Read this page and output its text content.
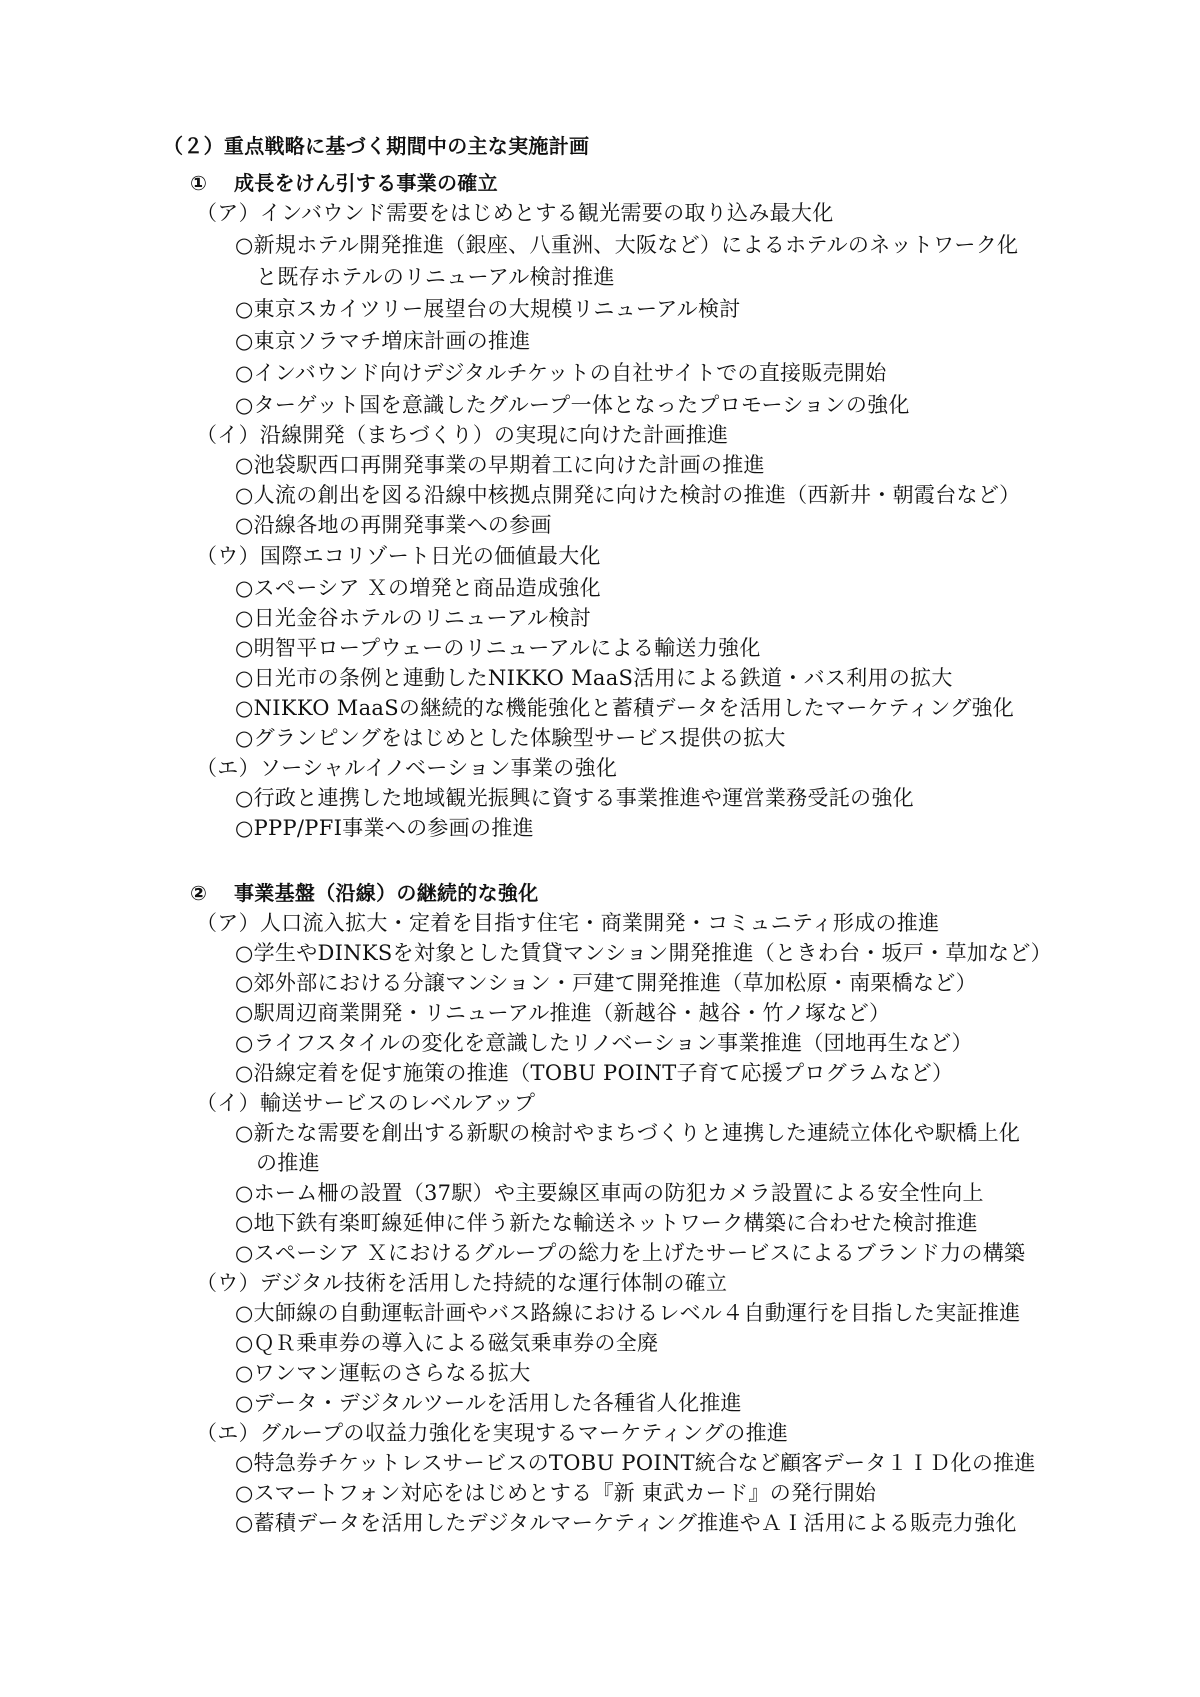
（２）重点戦略に基づく期間中の主な実施計画
① 成長をけん引する事業の確立
（ア）インバウンド需要をはじめとする観光需要の取り込み最大化
○新規ホテル開発推進（銀座、八重洲、大阪など）によるホテルのネットワーク化
と既存ホテルのリニューアル検討推進
○東京スカイツリー展望台の大規模リニューアル検討
○東京ソラマチ増床計画の推進
○インバウンド向けデジタルチケットの自社サイトでの直接販売開始
○ターゲット国を意識したグループ一体となったプロモーションの強化
（イ）沿線開発（まちづくり）の実現に向けた計画推進
○池袋駅西口再開発事業の早期着工に向けた計画の推進
○人流の創出を図る沿線中核拠点開発に向けた検討の推進（西新井・朝霞台など）
○沿線各地の再開発事業への参画
（ウ）国際エコリゾート日光の価値最大化
○スペーシア Ｘの増発と商品造成強化
○日光金谷ホテルのリニューアル検討
○明智平ロープウェーのリニューアルによる輸送力強化
○日光市の条例と連動したNIKKO MaaS活用による鉄道・バス利用の拡大
○NIKKO MaaSの継続的な機能強化と蓄積データを活用したマーケティング強化
○グランピングをはじめとした体験型サービス提供の拡大
（エ）ソーシャルイノベーション事業の強化
○行政と連携した地域観光振興に資する事業推進や運営業務受託の強化
○PPP/PFI事業への参画の推進
② 事業基盤（沿線）の継続的な強化
（ア）人口流入拡大・定着を目指す住宅・商業開発・コミュニティ形成の推進
○学生やDINKSを対象とした賃貸マンション開発推進（ときわ台・坂戸・草加など）
○郊外部における分譲マンション・戸建て開発推進（草加松原・南栗橋など）
○駅周辺商業開発・リニューアル推進（新越谷・越谷・竹ノ塚など）
○ライフスタイルの変化を意識したリノベーション事業推進（団地再生など）
○沿線定着を促す施策の推進（TOBU POINT子育て応援プログラムなど）
（イ）輸送サービスのレベルアップ
○新たな需要を創出する新駅の検討やまちづくりと連携した連続立体化や駅橋上化
の推進
○ホーム柵の設置（37駅）や主要線区車両の防犯カメラ設置による安全性向上
○地下鉄有楽町線延伸に伴う新たな輸送ネットワーク構築に合わせた検討推進
○スペーシア Ｘにおけるグループの総力を上げたサービスによるブランド力の構築
（ウ）デジタル技術を活用した持続的な運行体制の確立
○大師線の自動運転計画やバス路線におけるレベル４自動運行を目指した実証推進
○ＱＲ乗車券の導入による磁気乗車券の全廃
○ワンマン運転のさらなる拡大
○データ・デジタルツールを活用した各種省人化推進
（エ）グループの収益力強化を実現するマーケティングの推進
○特急券チケットレスサービスのTOBU POINT統合など顧客データ１ＩＤ化の推進
○スマートフォン対応をはじめとする『新 東武カード』の発行開始
○蓄積データを活用したデジタルマーケティング推進やＡＩ活用による販売力強化
